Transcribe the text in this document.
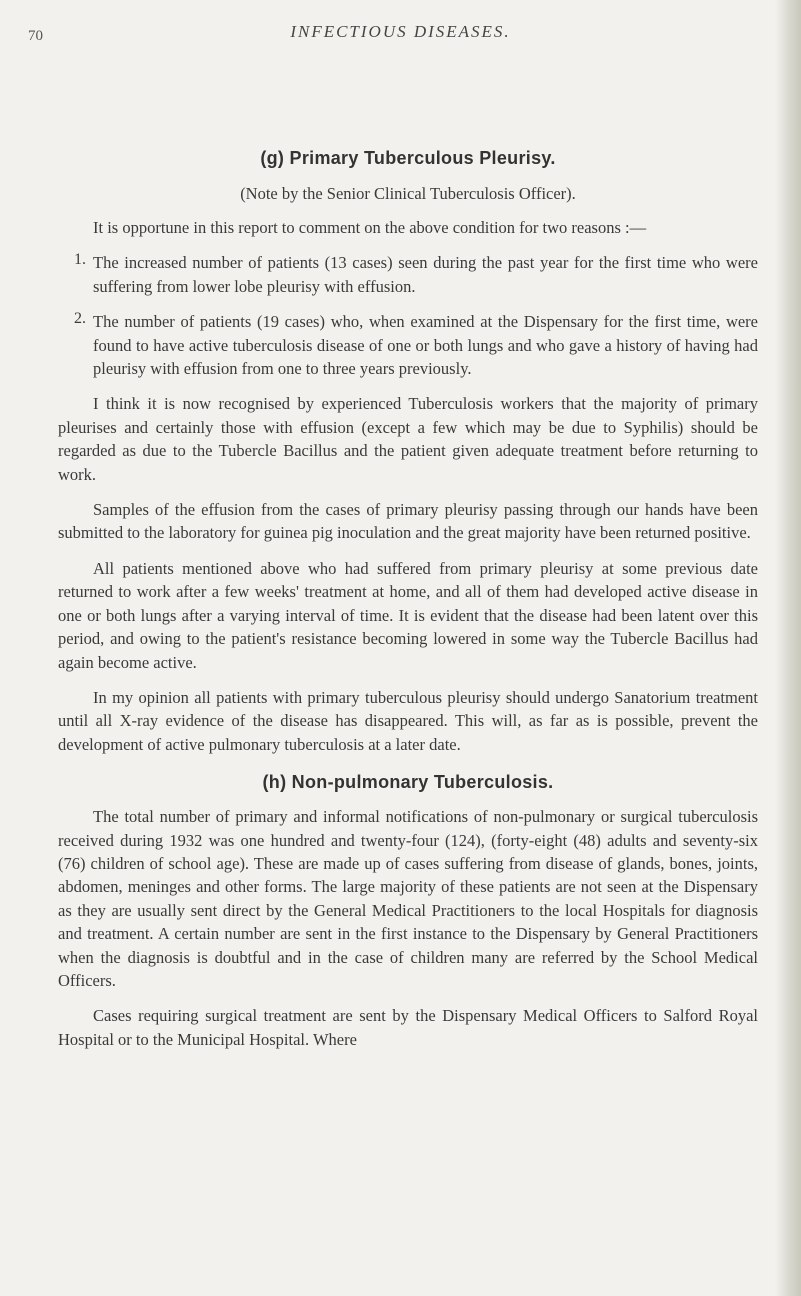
70	INFECTIOUS DISEASES.
(g) Primary Tuberculous Pleurisy.
(Note by the Senior Clinical Tuberculosis Officer).

It is opportune in this report to comment on the above condition for two reasons :—

1. The increased number of patients (13 cases) seen during the past year for the first time who were suffering from lower lobe pleurisy with effusion.

2. The number of patients (19 cases) who, when examined at the Dispensary for the first time, were found to have active tuberculosis disease of one or both lungs and who gave a history of having had pleurisy with effusion from one to three years previously.

I think it is now recognised by experienced Tuberculosis workers that the majority of primary pleurises and certainly those with effusion (except a few which may be due to Syphilis) should be regarded as due to the Tubercle Bacillus and the patient given adequate treatment before returning to work.

Samples of the effusion from the cases of primary pleurisy passing through our hands have been submitted to the laboratory for guinea pig inoculation and the great majority have been returned positive.

All patients mentioned above who had suffered from primary pleurisy at some previous date returned to work after a few weeks' treatment at home, and all of them had developed active disease in one or both lungs after a varying interval of time. It is evident that the disease had been latent over this period, and owing to the patient's resistance becoming lowered in some way the Tubercle Bacillus had again become active.

In my opinion all patients with primary tuberculous pleurisy should undergo Sanatorium treatment until all X-ray evidence of the disease has disappeared. This will, as far as is possible, prevent the development of active pulmonary tuberculosis at a later date.

(h) Non-pulmonary Tuberculosis.

The total number of primary and informal notifications of non-pulmonary or surgical tuberculosis received during 1932 was one hundred and twenty-four (124), (forty-eight (48) adults and seventy-six (76) children of school age). These are made up of cases suffering from disease of glands, bones, joints, abdomen, meninges and other forms. The large majority of these patients are not seen at the Dispensary as they are usually sent direct by the General Medical Practitioners to the local Hospitals for diagnosis and treatment. A certain number are sent in the first instance to the Dispensary by General Practitioners when the diagnosis is doubtful and in the case of children many are referred by the School Medical Officers.

Cases requiring surgical treatment are sent by the Dispensary Medical Officers to Salford Royal Hospital or to the Municipal Hospital. Where
